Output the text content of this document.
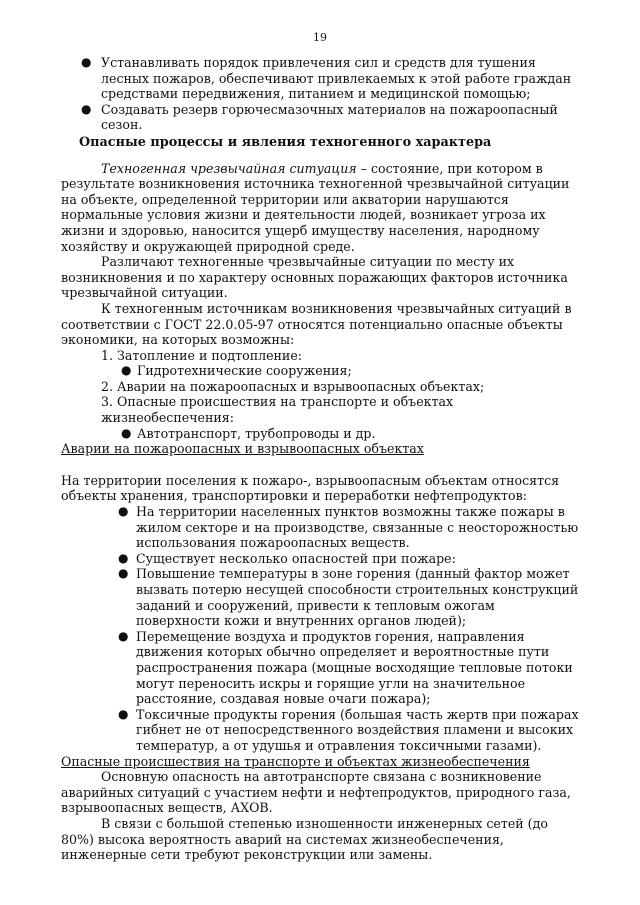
19
● Устанавливать порядок привлечения сил и средств для тушения лесных пожаров, обеспечивают привлекаемых к этой работе граждан средствами передвижения, питанием и медицинской помощью;
● Создавать резерв горючесмазочных материалов на пожароопасный сезон.

Опасные процессы и явления техногенного характера

Техногенная чрезвычайная ситуация – состояние, при котором в результате возникновения источника техногенной чрезвычайной ситуации на объекте, определенной территории или акватории нарушаются нормальные условия жизни и деятельности людей, возникает угроза их жизни и здоровью, наносится ущерб имуществу населения, народному хозяйству и окружающей природной среде.

Различают техногенные чрезвычайные ситуации по месту их возникновения и по характеру основных поражающих факторов источника чрезвычайной ситуации.

К техногенным источникам возникновения чрезвычайных ситуаций в соответствии с ГОСТ 22.0.05-97 относятся потенциально опасные объекты экономики, на которых возможны:

1. Затопление и подтопление:
● Гидротехнические сооружения;
2. Аварии на пожароопасных и взрывоопасных объектах;
3. Опасные происшествия на транспорте и объектах жизнеобеспечения:
● Автотранспорт, трубопроводы и др.

Аварии на пожароопасных и взрывоопасных объектах

На территории поселения к пожаро-, взрывоопасным объектам относятся объекты хранения, транспортировки и переработки нефтепродуктов:

● На территории населенных пунктов возможны также пожары в жилом секторе и на производстве, связанные с неосторожностью использования пожароопасных веществ.
● Существует несколько опасностей при пожаре:
● Повышение температуры в зоне горения (данный фактор может вызвать потерю несущей способности строительных конструкций заданий и сооружений, привести к тепловым ожогам поверхности кожи и внутренних органов людей);
● Перемещение воздуха и продуктов горения, направления движения которых обычно определяет и вероятностные пути распространения пожара (мощные восходящие тепловые потоки могут переносить искры и горящие угли на значительное расстояние, создавая новые очаги пожара);
● Токсичные продукты горения (большая часть жертв при пожарах гибнет не от непосредственного воздействия пламени и высоких температур, а от удушья и отравления токсичными газами).

Опасные происшествия на транспорте и объектах жизнеобеспечения

Основную опасность на автотранспорте связана с возникновение аварийных ситуаций с участием нефти и нефтепродуктов, природного газа, взрывоопасных веществ, АХОВ.

В связи с большой степенью изношенности инженерных сетей (до 80%) высока вероятность аварий на системах жизнеобеспечения, инженерные сети требуют реконструкции или замены.
